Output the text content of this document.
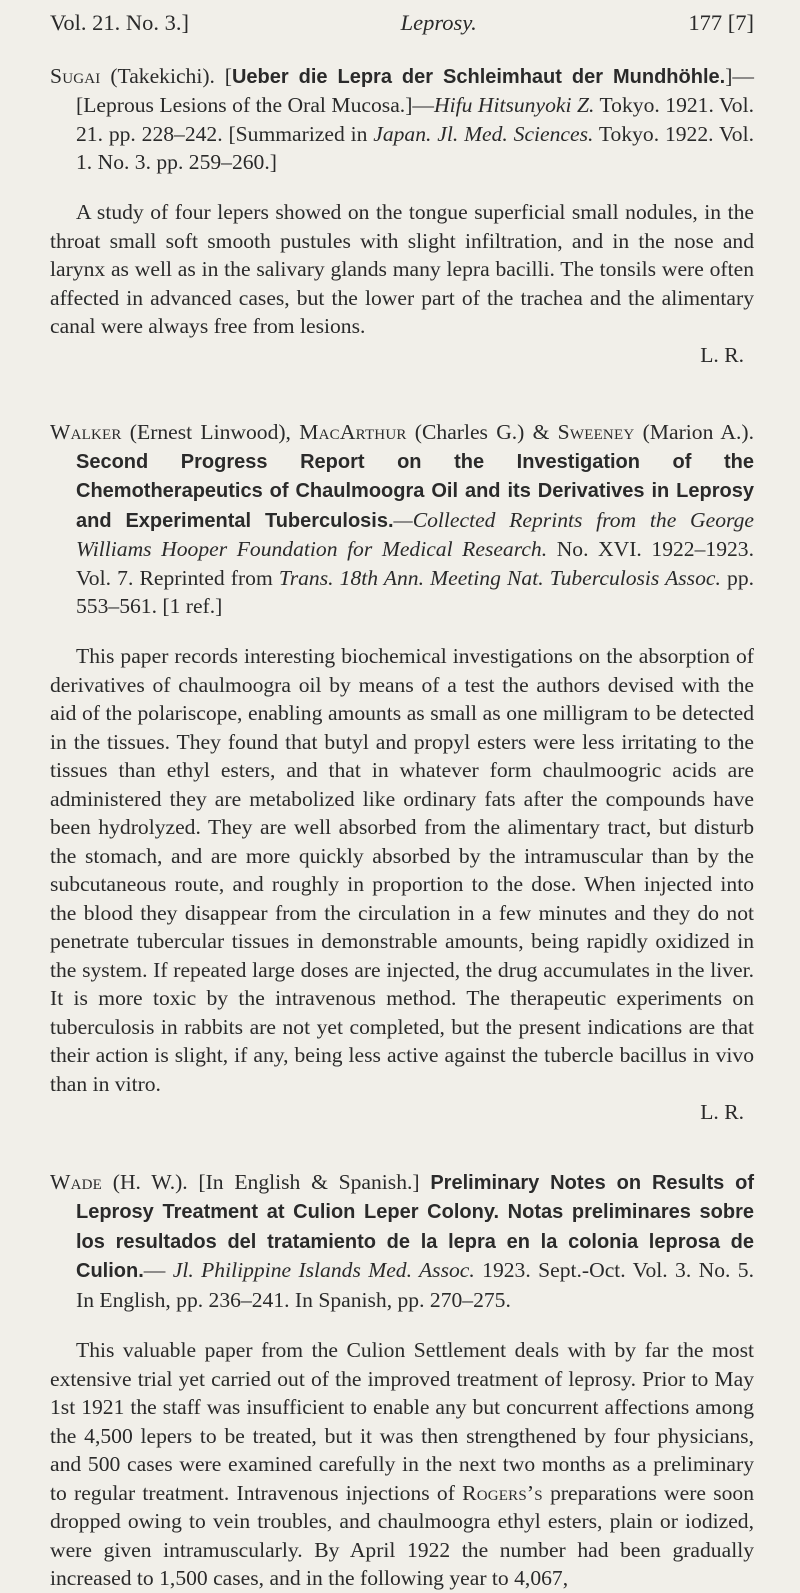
Vol. 21. No. 3.]	Leprosy.	177 [7]

Sugai (Takekichi). [Ueber die Lepra der Schleimhaut der Mundhöhle.]—[Leprous Lesions of the Oral Mucosa.]—Hifu Hitsunyoki Z. Tokyo. 1921. Vol. 21. pp. 228–242. [Summarized in Japan. Jl. Med. Sciences. Tokyo. 1922. Vol. 1. No. 3. pp. 259–260.]

A study of four lepers showed on the tongue superficial small nodules, in the throat small soft smooth pustules with slight infiltration, and in the nose and larynx as well as in the salivary glands many lepra bacilli. The tonsils were often affected in advanced cases, but the lower part of the trachea and the alimentary canal were always free from lesions.

L. R.

Walker (Ernest Linwood), MacArthur (Charles G.) & Sweeney (Marion A.). Second Progress Report on the Investigation of the Chemotherapeutics of Chaulmoogra Oil and its Derivatives in Leprosy and Experimental Tuberculosis.—Collected Reprints from the George Williams Hooper Foundation for Medical Research. No. XVI. 1922–1923. Vol. 7. Reprinted from Trans. 18th Ann. Meeting Nat. Tuberculosis Assoc. pp. 553–561. [1 ref.]

This paper records interesting biochemical investigations on the absorption of derivatives of chaulmoogra oil by means of a test the authors devised with the aid of the polariscope, enabling amounts as small as one milligram to be detected in the tissues. They found that butyl and propyl esters were less irritating to the tissues than ethyl esters, and that in whatever form chaulmoogric acids are administered they are metabolized like ordinary fats after the compounds have been hydrolyzed. They are well absorbed from the alimentary tract, but disturb the stomach, and are more quickly absorbed by the intramuscular than by the subcutaneous route, and roughly in proportion to the dose. When injected into the blood they disappear from the circulation in a few minutes and they do not penetrate tubercular tissues in demonstrable amounts, being rapidly oxidized in the system. If repeated large doses are injected, the drug accumulates in the liver. It is more toxic by the intravenous method. The therapeutic experiments on tuberculosis in rabbits are not yet completed, but the present indications are that their action is slight, if any, being less active against the tubercle bacillus in vivo than in vitro.

L. R.

Wade (H. W.). [In English & Spanish.] Preliminary Notes on Results of Leprosy Treatment at Culion Leper Colony. Notas preliminares sobre los resultados del tratamiento de la lepra en la colonia leprosa de Culion.— Jl. Philippine Islands Med. Assoc. 1923. Sept.-Oct. Vol. 3. No. 5. In English, pp. 236–241. In Spanish, pp. 270–275.

This valuable paper from the Culion Settlement deals with by far the most extensive trial yet carried out of the improved treatment of leprosy. Prior to May 1st 1921 the staff was insufficient to enable any but concurrent affections among the 4,500 lepers to be treated, but it was then strengthened by four physicians, and 500 cases were examined carefully in the next two months as a preliminary to regular treatment. Intravenous injections of Rogers’s preparations were soon dropped owing to vein troubles, and chaulmoogra ethyl esters, plain or iodized, were given intramuscularly. By April 1922 the number had been gradually increased to 1,500 cases, and in the following year to 4,067,
